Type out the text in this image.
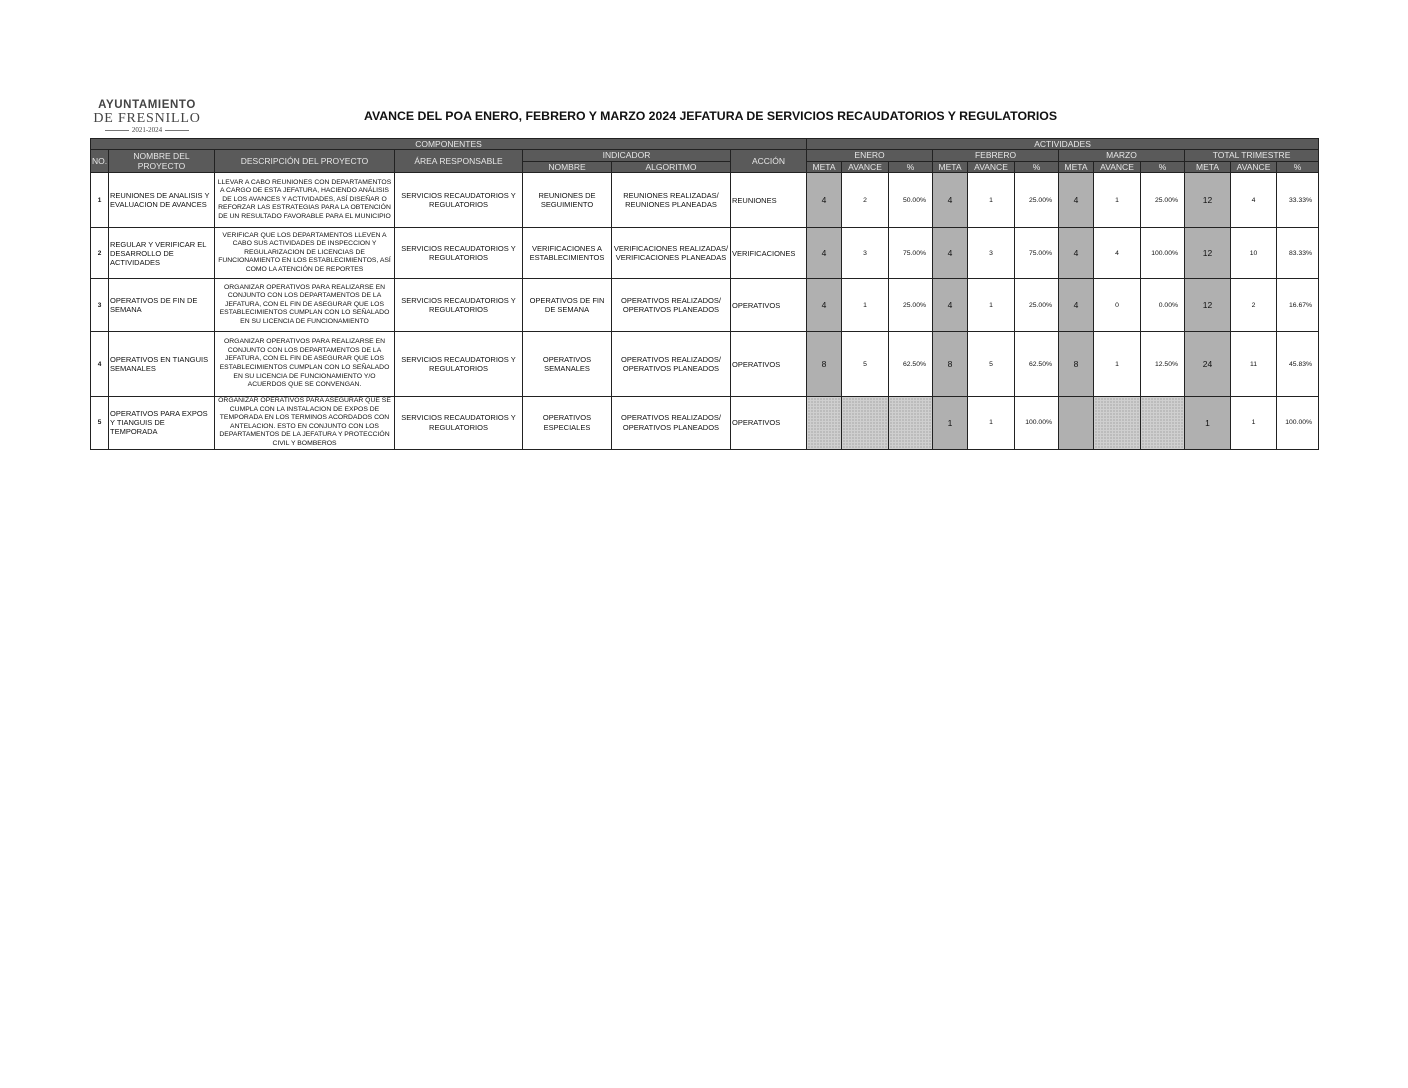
AYUNTAMIENTO
DE FRESNILLO
2021-2024
AVANCE DEL POA ENERO, FEBRERO Y MARZO 2024 JEFATURA DE SERVICIOS RECAUDATORIOS Y REGULATORIOS
COMPONENTES							ACTIVIDADES											
NO.	NOMBRE DEL PROYECTO	DESCRIPCIÓN DEL PROYECTO	ÁREA RESPONSABLE	INDICADOR		ACCIÓN	ENERO			FEBRERO			MARZO			TOTAL TRIMESTRE		
				NOMBRE	ALGORITMO		META	AVANCE	%	META	AVANCE	%	META	AVANCE	%	META	AVANCE	%
1	REUNIONES DE ANALISIS Y EVALUACION DE AVANCES	LLEVAR A CABO REUNIONES CON DEPARTAMENTOS A CARGO DE ESTA JEFATURA, HACIENDO ANÁLISIS DE LOS AVANCES Y ACTIVIDADES, ASÍ DISEÑAR O REFORZAR LAS ESTRATEGIAS PARA LA OBTENCIÓN DE UN RESULTADO FAVORABLE PARA EL MUNICIPIO	SERVICIOS RECAUDATORIOS Y REGULATORIOS	REUNIONES DE SEGUIMIENTO	REUNIONES REALIZADAS/ REUNIONES PLANEADAS	REUNIONES	4	2	50.00%	4	1	25.00%	4	1	25.00%	12	4	33.33%
2	REGULAR Y VERIFICAR EL DESARROLLO DE ACTIVIDADES	VERIFICAR QUE LOS DEPARTAMENTOS LLEVEN A CABO SUS ACTIVIDADES DE INSPECCION Y REGULARIZACION DE LICENCIAS DE FUNCIONAMIENTO EN LOS ESTABLECIMIENTOS, ASÍ COMO LA ATENCIÓN DE REPORTES	SERVICIOS RECAUDATORIOS Y REGULATORIOS	VERIFICACIONES A ESTABLECIMIENTOS	VERIFICACIONES REALIZADAS/ VERIFICACIONES PLANEADAS	VERIFICACIONES	4	3	75.00%	4	3	75.00%	4	4	100.00%	12	10	83.33%
3	OPERATIVOS DE FIN DE SEMANA	ORGANIZAR OPERATIVOS PARA REALIZARSE EN CONJUNTO CON LOS DEPARTAMENTOS DE LA JEFATURA, CON EL FIN DE ASEGURAR QUE LOS ESTABLECIMIENTOS CUMPLAN CON LO SEÑALADO EN SU LICENCIA DE FUNCIONAMIENTO	SERVICIOS RECAUDATORIOS Y REGULATORIOS	OPERATIVOS DE FIN DE SEMANA	OPERATIVOS REALIZADOS/ OPERATIVOS PLANEADOS	OPERATIVOS	4	1	25.00%	4	1	25.00%	4	0	0.00%	12	2	16.67%
4	OPERATIVOS EN TIANGUIS SEMANALES	ORGANIZAR OPERATIVOS PARA REALIZARSE EN CONJUNTO CON LOS DEPARTAMENTOS DE LA JEFATURA, CON EL FIN DE ASEGURAR QUE LOS ESTABLECIMIENTOS CUMPLAN CON LO SEÑALADO EN SU LICENCIA DE FUNCIONAMIENTO Y/O ACUERDOS QUE SE CONVENGAN.	SERVICIOS RECAUDATORIOS Y REGULATORIOS	OPERATIVOS SEMANALES	OPERATIVOS REALIZADOS/ OPERATIVOS PLANEADOS	OPERATIVOS	8	5	62.50%	8	5	62.50%	8	1	12.50%	24	11	45.83%
5	OPERATIVOS PARA EXPOS Y TIANGUIS DE TEMPORADA	ORGANIZAR OPERATIVOS PARA ASEGURAR QUE SE CUMPLA CON LA INSTALACION DE EXPOS DE TEMPORADA EN LOS TERMINOS ACORDADOS CON ANTELACION. ESTO EN CONJUNTO CON LOS DEPARTAMENTOS DE LA JEFATURA Y PROTECCIÓN CIVIL Y BOMBEROS	SERVICIOS RECAUDATORIOS Y REGULATORIOS	OPERATIVOS ESPECIALES	OPERATIVOS REALIZADOS/ OPERATIVOS PLANEADOS	OPERATIVOS				1	1	100.00%				1	1	100.00%
